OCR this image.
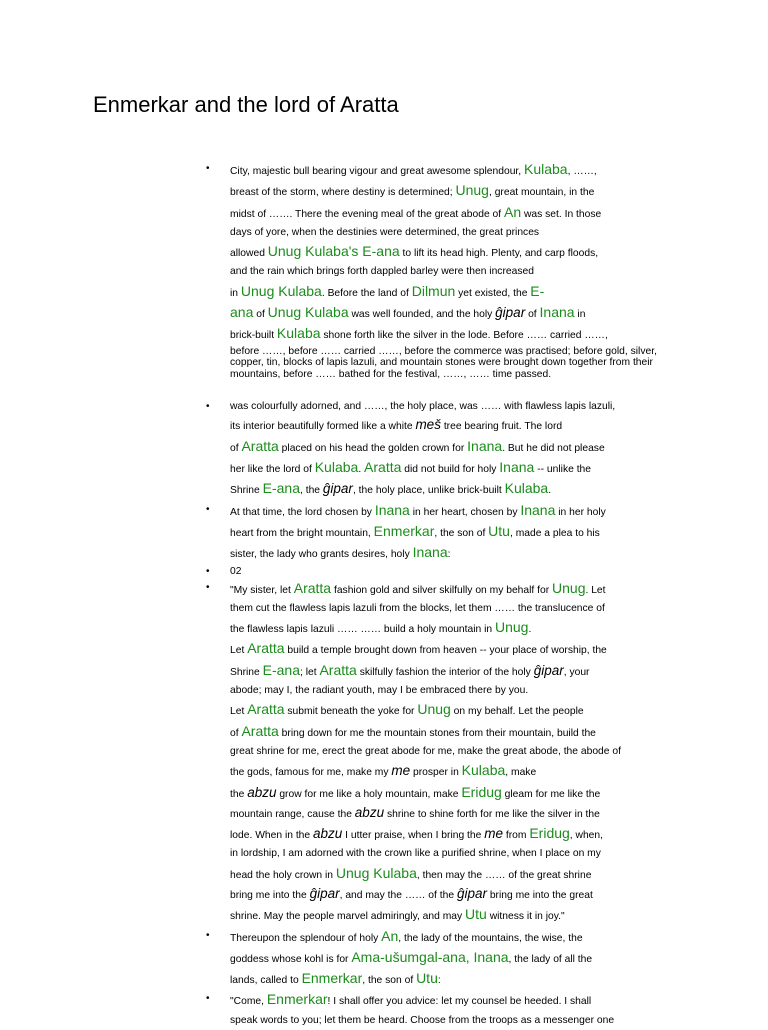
Enmerkar and the lord of Aratta
• City, majestic bull bearing vigour and great awesome splendour, Kulaba, ……,
breast of the storm, where destiny is determined; Unug, great mountain, in the
midst of ……. There the evening meal of the great abode of An was set. In those
days of yore, when the destinies were determined, the great princes
allowed Unug Kulaba's E-ana to lift its head high. Plenty, and carp floods,
and the rain which brings forth dappled barley were then increased
in Unug Kulaba. Before the land of Dilmun yet existed, the E-
ana of Unug Kulaba was well founded, and the holy ĝipar of Inana in
brick-built Kulaba shone forth like the silver in the lode. Before …… carried ……,
before ……, before …… carried ……, before the commerce was practised; before gold, silver, copper, tin, blocks of lapis lazuli, and mountain stones were brought down together from their mountains, before …… bathed for the festival, ……, …… time passed.
• was colourfully adorned, and ……, the holy place, was …… with flawless lapis lazuli,
its interior beautifully formed like a white meš tree bearing fruit. The lord
of Aratta placed on his head the golden crown for Inana. But he did not please
her like the lord of Kulaba. Aratta did not build for holy Inana -- unlike the
Shrine E-ana, the ĝipar, the holy place, unlike brick-built Kulaba.
• At that time, the lord chosen by Inana in her heart, chosen by Inana in her holy
heart from the bright mountain, Enmerkar, the son of Utu, made a plea to his
sister, the lady who grants desires, holy Inana:
• 02
• "My sister, let Aratta fashion gold and silver skilfully on my behalf for Unug. Let
them cut the flawless lapis lazuli from the blocks, let them …… the translucence of
the flawless lapis lazuli …… …… build a holy mountain in Unug.
Let Aratta build a temple brought down from heaven -- your place of worship, the
Shrine E-ana; let Aratta skilfully fashion the interior of the holy ĝipar, your
abode; may I, the radiant youth, may I be embraced there by you.
Let Aratta submit beneath the yoke for Unug on my behalf. Let the people
of Aratta bring down for me the mountain stones from their mountain, build the
great shrine for me, erect the great abode for me, make the great abode, the abode of
the gods, famous for me, make my me prosper in Kulaba, make
the abzu grow for me like a holy mountain, make Eridug gleam for me like the
mountain range, cause the abzu shrine to shine forth for me like the silver in the
lode. When in the abzu I utter praise, when I bring the me from Eridug, when,
in lordship, I am adorned with the crown like a purified shrine, when I place on my
head the holy crown in Unug Kulaba, then may the …… of the great shrine
bring me into the ĝipar, and may the …… of the ĝipar bring me into the great
shrine. May the people marvel admiringly, and may Utu witness it in joy."
• Thereupon the splendour of holy An, the lady of the mountains, the wise, the
goddess whose kohl is for Ama-ušumgal-ana, Inana, the lady of all the
lands, called to Enmerkar, the son of Utu:
• "Come, Enmerkar! I shall offer you advice: let my counsel be heeded. I shall
speak words to you; let them be heard. Choose from the troops as a messenger one
